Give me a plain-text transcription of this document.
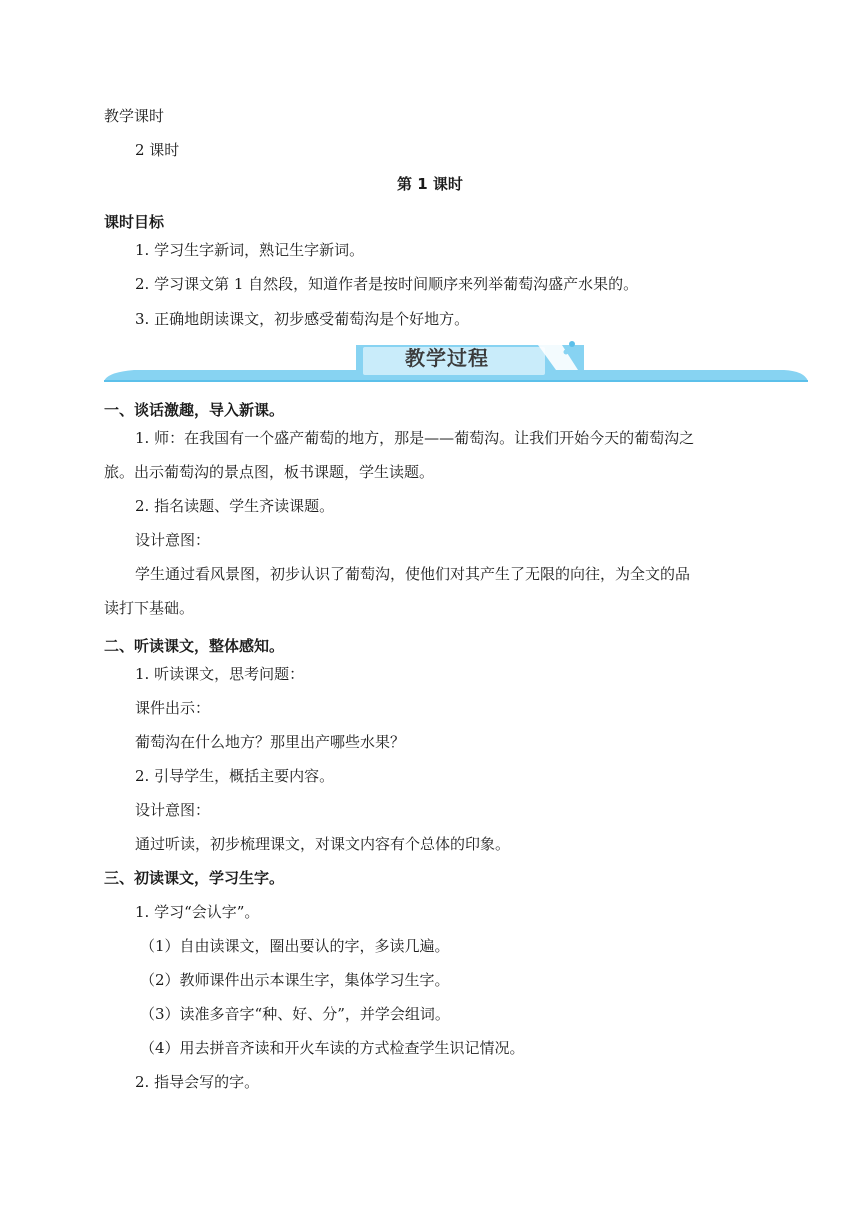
教学课时
2 课时
第 1 课时
课时目标
1. 学习生字新词，熟记生字新词。
2. 学习课文第 1 自然段，知道作者是按时间顺序来列举葡萄沟盛产水果的。
3. 正确地朗读课文，初步感受葡萄沟是个好地方。
教学过程
一、谈话激趣，导入新课。
1. 师：在我国有一个盛产葡萄的地方，那是——葡萄沟。让我们开始今天的葡萄沟之
旅。出示葡萄沟的景点图，板书课题，学生读题。
2. 指名读题、学生齐读课题。
设计意图：
学生通过看风景图，初步认识了葡萄沟，使他们对其产生了无限的向往，为全文的品
读打下基础。
二、听读课文，整体感知。
1. 听读课文，思考问题：
课件出示：
葡萄沟在什么地方？那里出产哪些水果？
2. 引导学生，概括主要内容。
设计意图：
通过听读，初步梳理课文，对课文内容有个总体的印象。
三、初读课文，学习生字。
1. 学习“会认字”。
（1）自由读课文，圈出要认的字，多读几遍。
（2）教师课件出示本课生字，集体学习生字。
（3）读准多音字“种、好、分”，并学会组词。
（4）用去拼音齐读和开火车读的方式检查学生识记情况。
2. 指导会写的字。
